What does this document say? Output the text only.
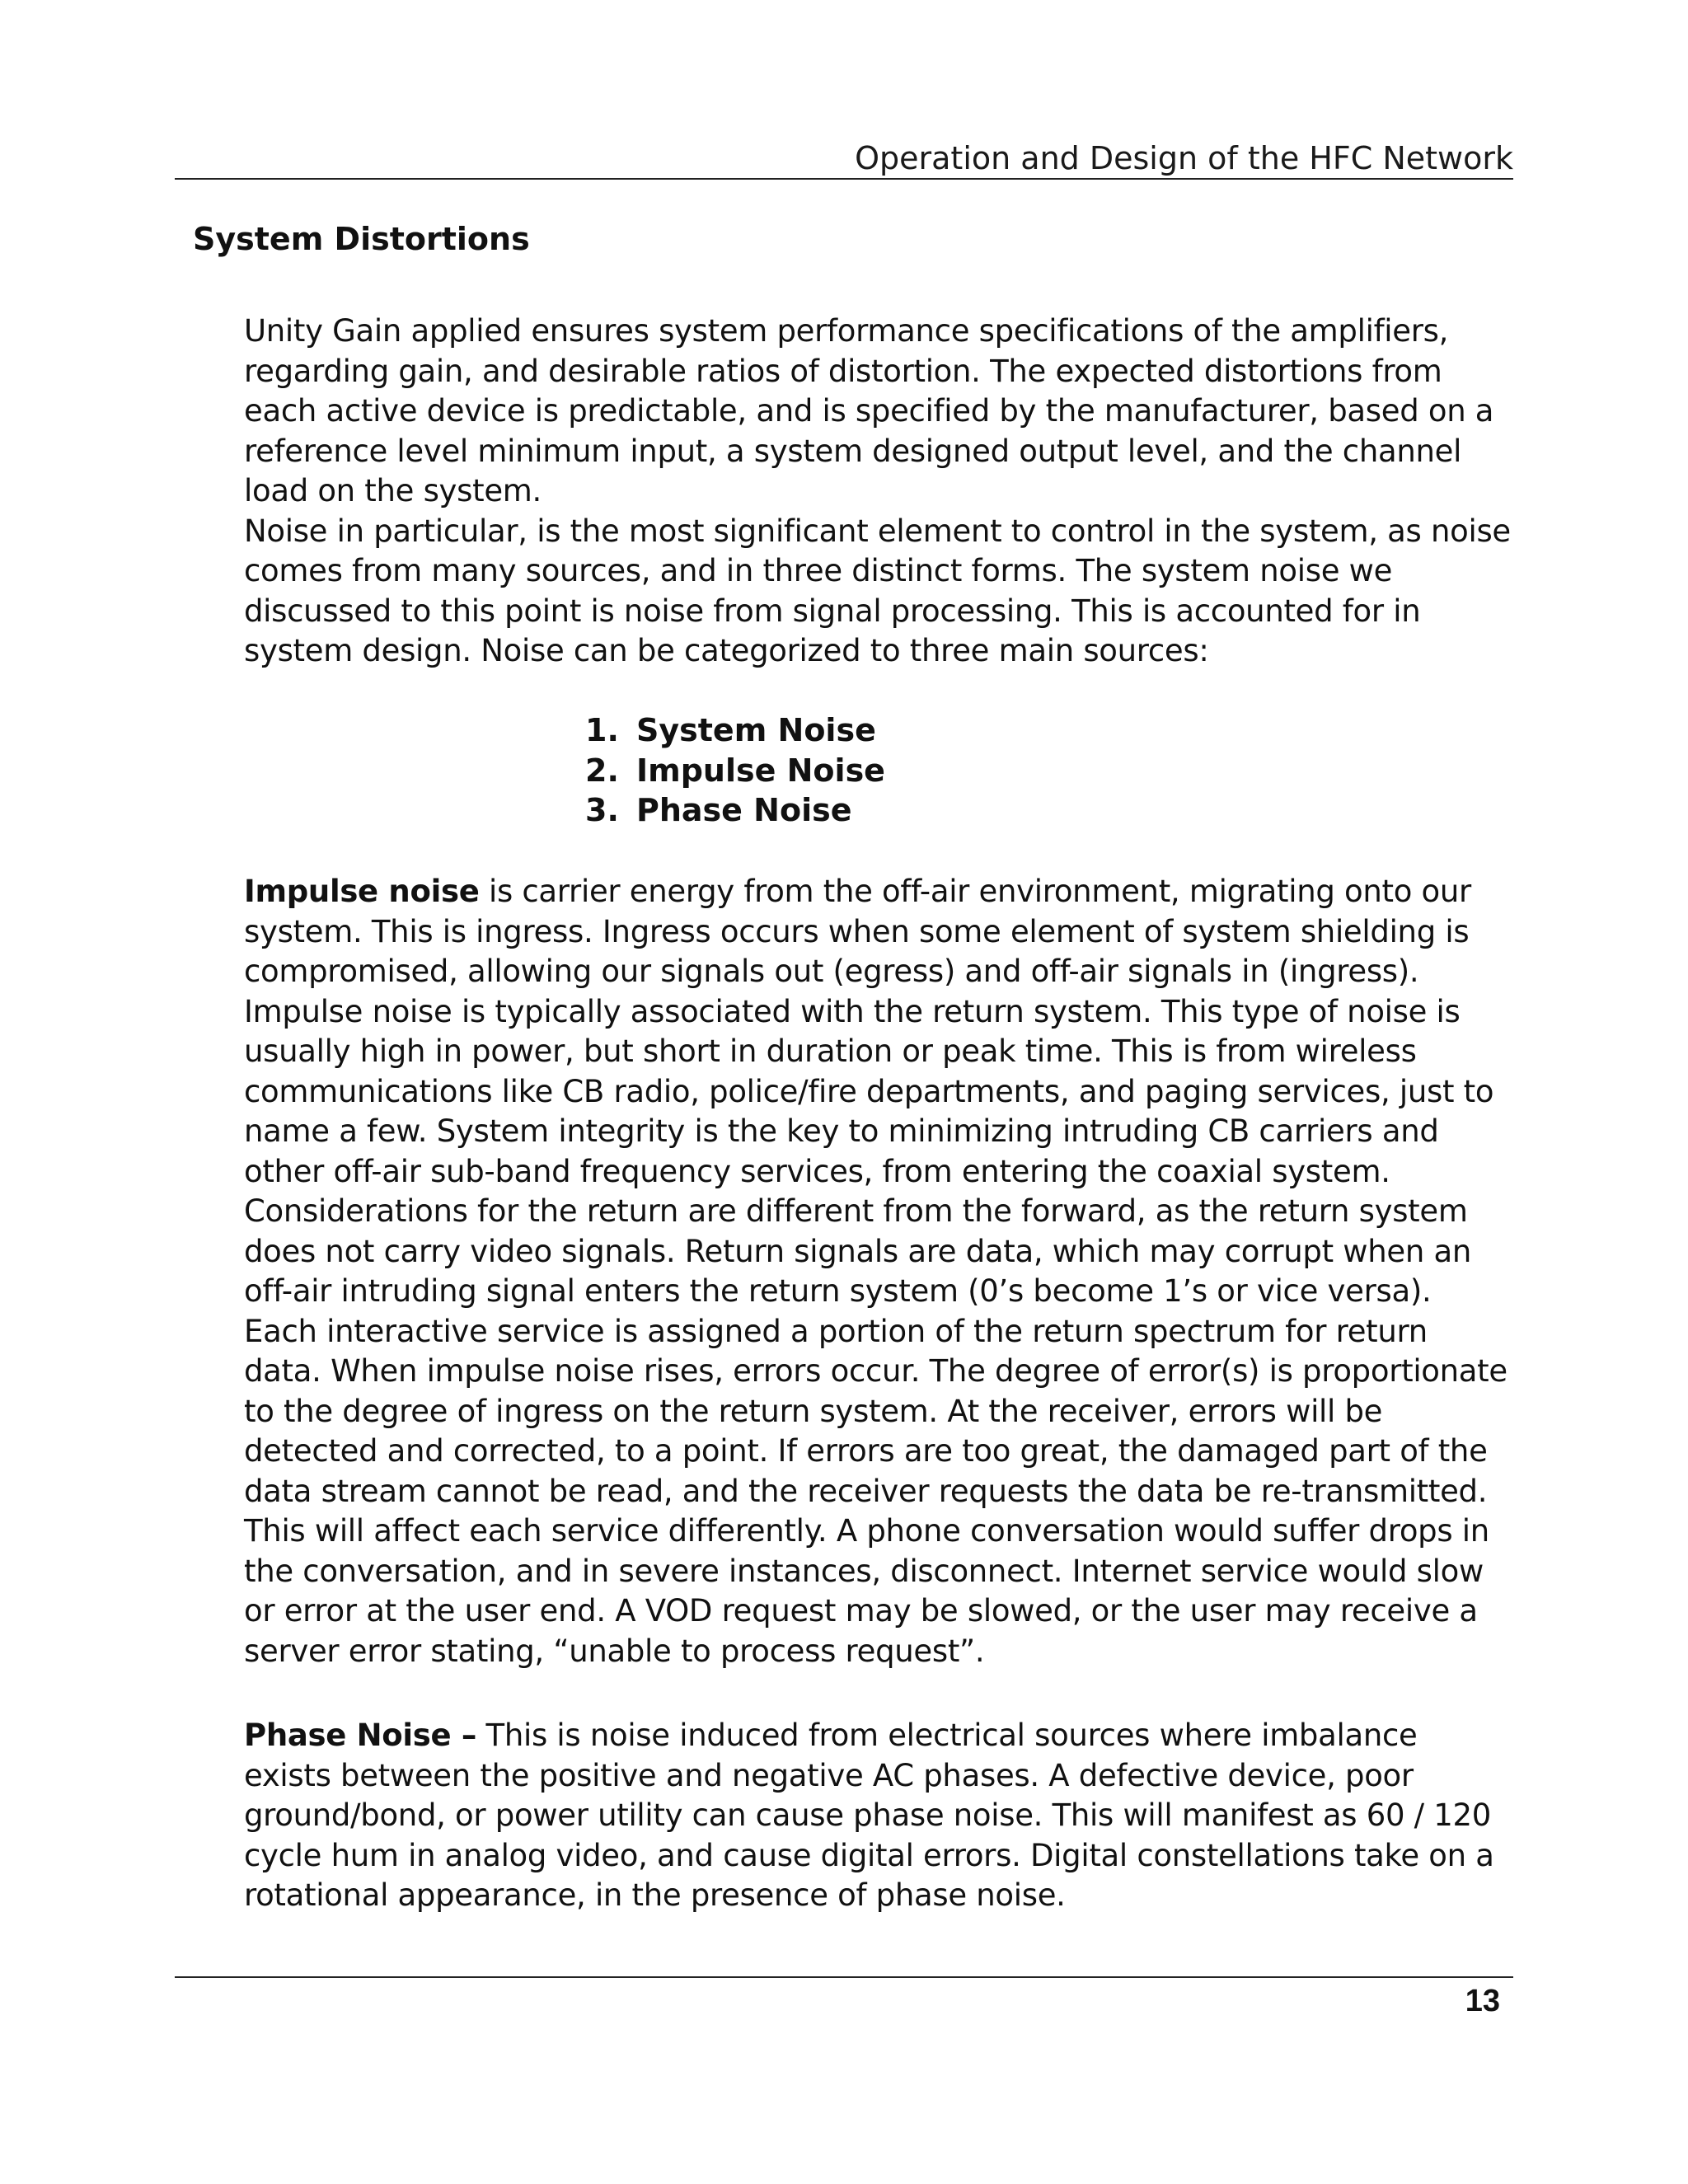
Operation and Design of the HFC Network
System Distortions

Unity Gain applied ensures system performance specifications of the amplifiers, regarding gain, and desirable ratios of distortion. The expected distortions from each active device is predictable, and is specified by the manufacturer, based on a reference level minimum input, a system designed output level, and the channel load on the system.

Noise in particular, is the most significant element to control in the system, as noise comes from many sources, and in three distinct forms. The system noise we discussed to this point is noise from signal processing. This is accounted for in system design. Noise can be categorized to three main sources:

1. System Noise
2. Impulse Noise
3. Phase Noise

Impulse noise is carrier energy from the off-air environment, migrating onto our system. This is ingress. Ingress occurs when some element of system shielding is compromised, allowing our signals out (egress) and off-air signals in (ingress). Impulse noise is typically associated with the return system. This type of noise is usually high in power, but short in duration or peak time. This is from wireless communications like CB radio, police/fire departments, and paging services, just to name a few. System integrity is the key to minimizing intruding CB carriers and other off-air sub-band frequency services, from entering the coaxial system. Considerations for the return are different from the forward, as the return system does not carry video signals. Return signals are data, which may corrupt when an off-air intruding signal enters the return system (0’s become 1’s or vice versa). Each interactive service is assigned a portion of the return spectrum for return data. When impulse noise rises, errors occur. The degree of error(s) is proportionate to the degree of ingress on the return system. At the receiver, errors will be detected and corrected, to a point. If errors are too great, the damaged part of the data stream cannot be read, and the receiver requests the data be re-transmitted. This will affect each service differently. A phone conversation would suffer drops in the conversation, and in severe instances, disconnect. Internet service would slow or error at the user end. A VOD request may be slowed, or the user may receive a server error stating, “unable to process request”.

Phase Noise – This is noise induced from electrical sources where imbalance exists between the positive and negative AC phases. A defective device, poor ground/bond, or power utility can cause phase noise. This will manifest as 60 / 120 cycle hum in analog video, and cause digital errors. Digital constellations take on a rotational appearance, in the presence of phase noise.

13
